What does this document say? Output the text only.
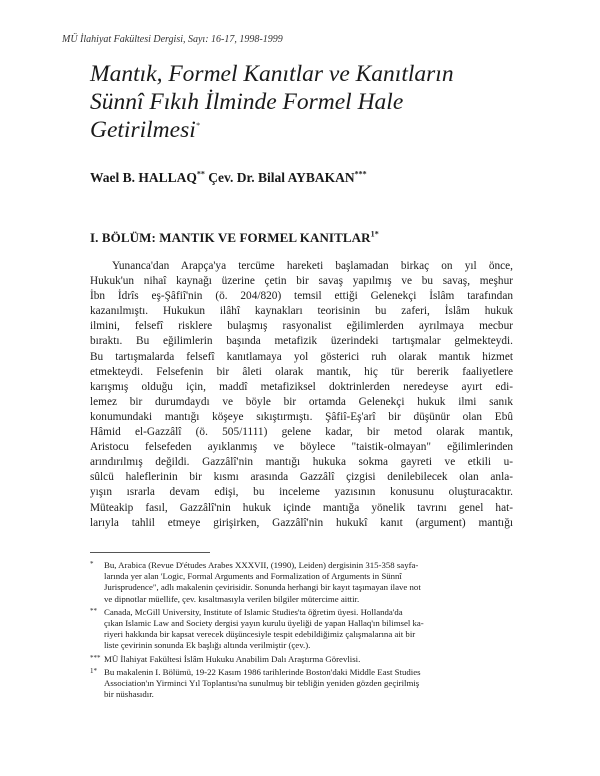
MÜ İlahiyat Fakültesi Dergisi, Sayı: 16-17, 1998-1999
Mantık, Formel Kanıtlar ve Kanıtların
Sünnî Fıkıh İlminde Formel Hale
Getirilmesi*
Wael B. HALLAQ** Çev. Dr. Bilal AYBAKAN***
I. BÖLÜM: MANTIK VE FORMEL $KANITLAR^{1*}$
Yunanca'dan Arapça'ya tercüme hareketi başlamadan birkaç on yıl önce,
Hukuk'un nihaî kaynağı üzerine çetin bir savaş yapılmış ve bu savaş, meşhur
İbn İdrîs eş-Şâfiî'nin (ö. 204/820) temsil ettiği Gelenekçi İslâm tarafından
kazanılmıştı. Hukukun ilâhî kaynakları teorisinin bu zaferi, İslâm hukuk
ilmini, felsefî risklere bulaşmış rasyonalist eğilimlerden ayrılmaya mecbur
bıraktı. Bu eğilimlerin başında metafizik üzerindeki tartışmalar gelmekteydi.
Bu tartışmalarda felsefî kanıtlamaya yol gösterici ruh olarak mantık hizmet
etmekteydi. Felsefenin bir âleti olarak mantık, hiç tür bererik faaliyetlere
karışmış olduğu için, maddî metafiziksel doktrinlerden neredeyse ayırt edi-
lemez bir durumdaydı ve böyle bir ortamda Gelenekçi hukuk ilmi sanık
konumundaki mantığı köşeye sıkıştırmıştı. Şâfiî-Eş'arî bir düşünür olan Ebû
Hâmid el-Gazzâlî (ö. 505/1111) gelene kadar, bir metod olarak mantık,
Aristocu felsefeden ayıklanmış ve böylece "taistik-olmayan" eğilimlerinden
arındırılmış değildi. Gazzâlî'nin mantığı hukuka sokma gayreti ve etkili u-
sûlcü haleflerinin bir kısmı arasında Gazzâlî çizgisi denilebilecek olan anla-
yışın ısrarla devam edişi, bu inceleme yazısının konusunu oluşturacaktır.
Müteakip fasıl, Gazzâlî'nin hukuk içinde mantığa yönelik tavrını genel hat-
larıyla tahlil etmeye girişirken, Gazzâlî'nin hukukî kanıt (argument) mantığı
* Bu, Arabica (Revue D'études Arabes XXXVII, (1990), Leiden) dergisinin 315-358 sayfa-
larında yer alan 'Logic, Formal Arguments and Formalization of Arguments in Sünnî
Jurisprudence", adlı makalenin çevirisidir. Sonunda herhangi bir kayıt taşımayan ilave not
ve dipnotlar müellife, çev. kısaltmasıyla verilen bilgiler mütercime aittir.
** Canada, McGill University, Institute of Islamic Studies'ta öğretim üyesi. Hollanda'da
çıkan Islamic Law and Society dergisi yayın kurulu üyeliği de yapan Hallaq'ın bilimsel ka-
riyeri hakkında bir kapsat verecek düşüncesiyle tespit edebildiğimiz çalışmalarına ait bir
liste çevirinin sonunda Ek başlığı altında verilmiştir (çev.).
*** MÜ İlahiyat Fakültesi İslâm Hukuku Anabilim Dalı Araştırma Görevlisi.
1* Bu makalenin I. Bölümü, 19-22 Kasım 1986 tarihlerinde Boston'daki Middle East Studies
Association'ın Yirminci Yıl Toplantısı'na sunulmuş bir tebliğin yeniden gözden geçirilmiş
bir nüshasıdır.
